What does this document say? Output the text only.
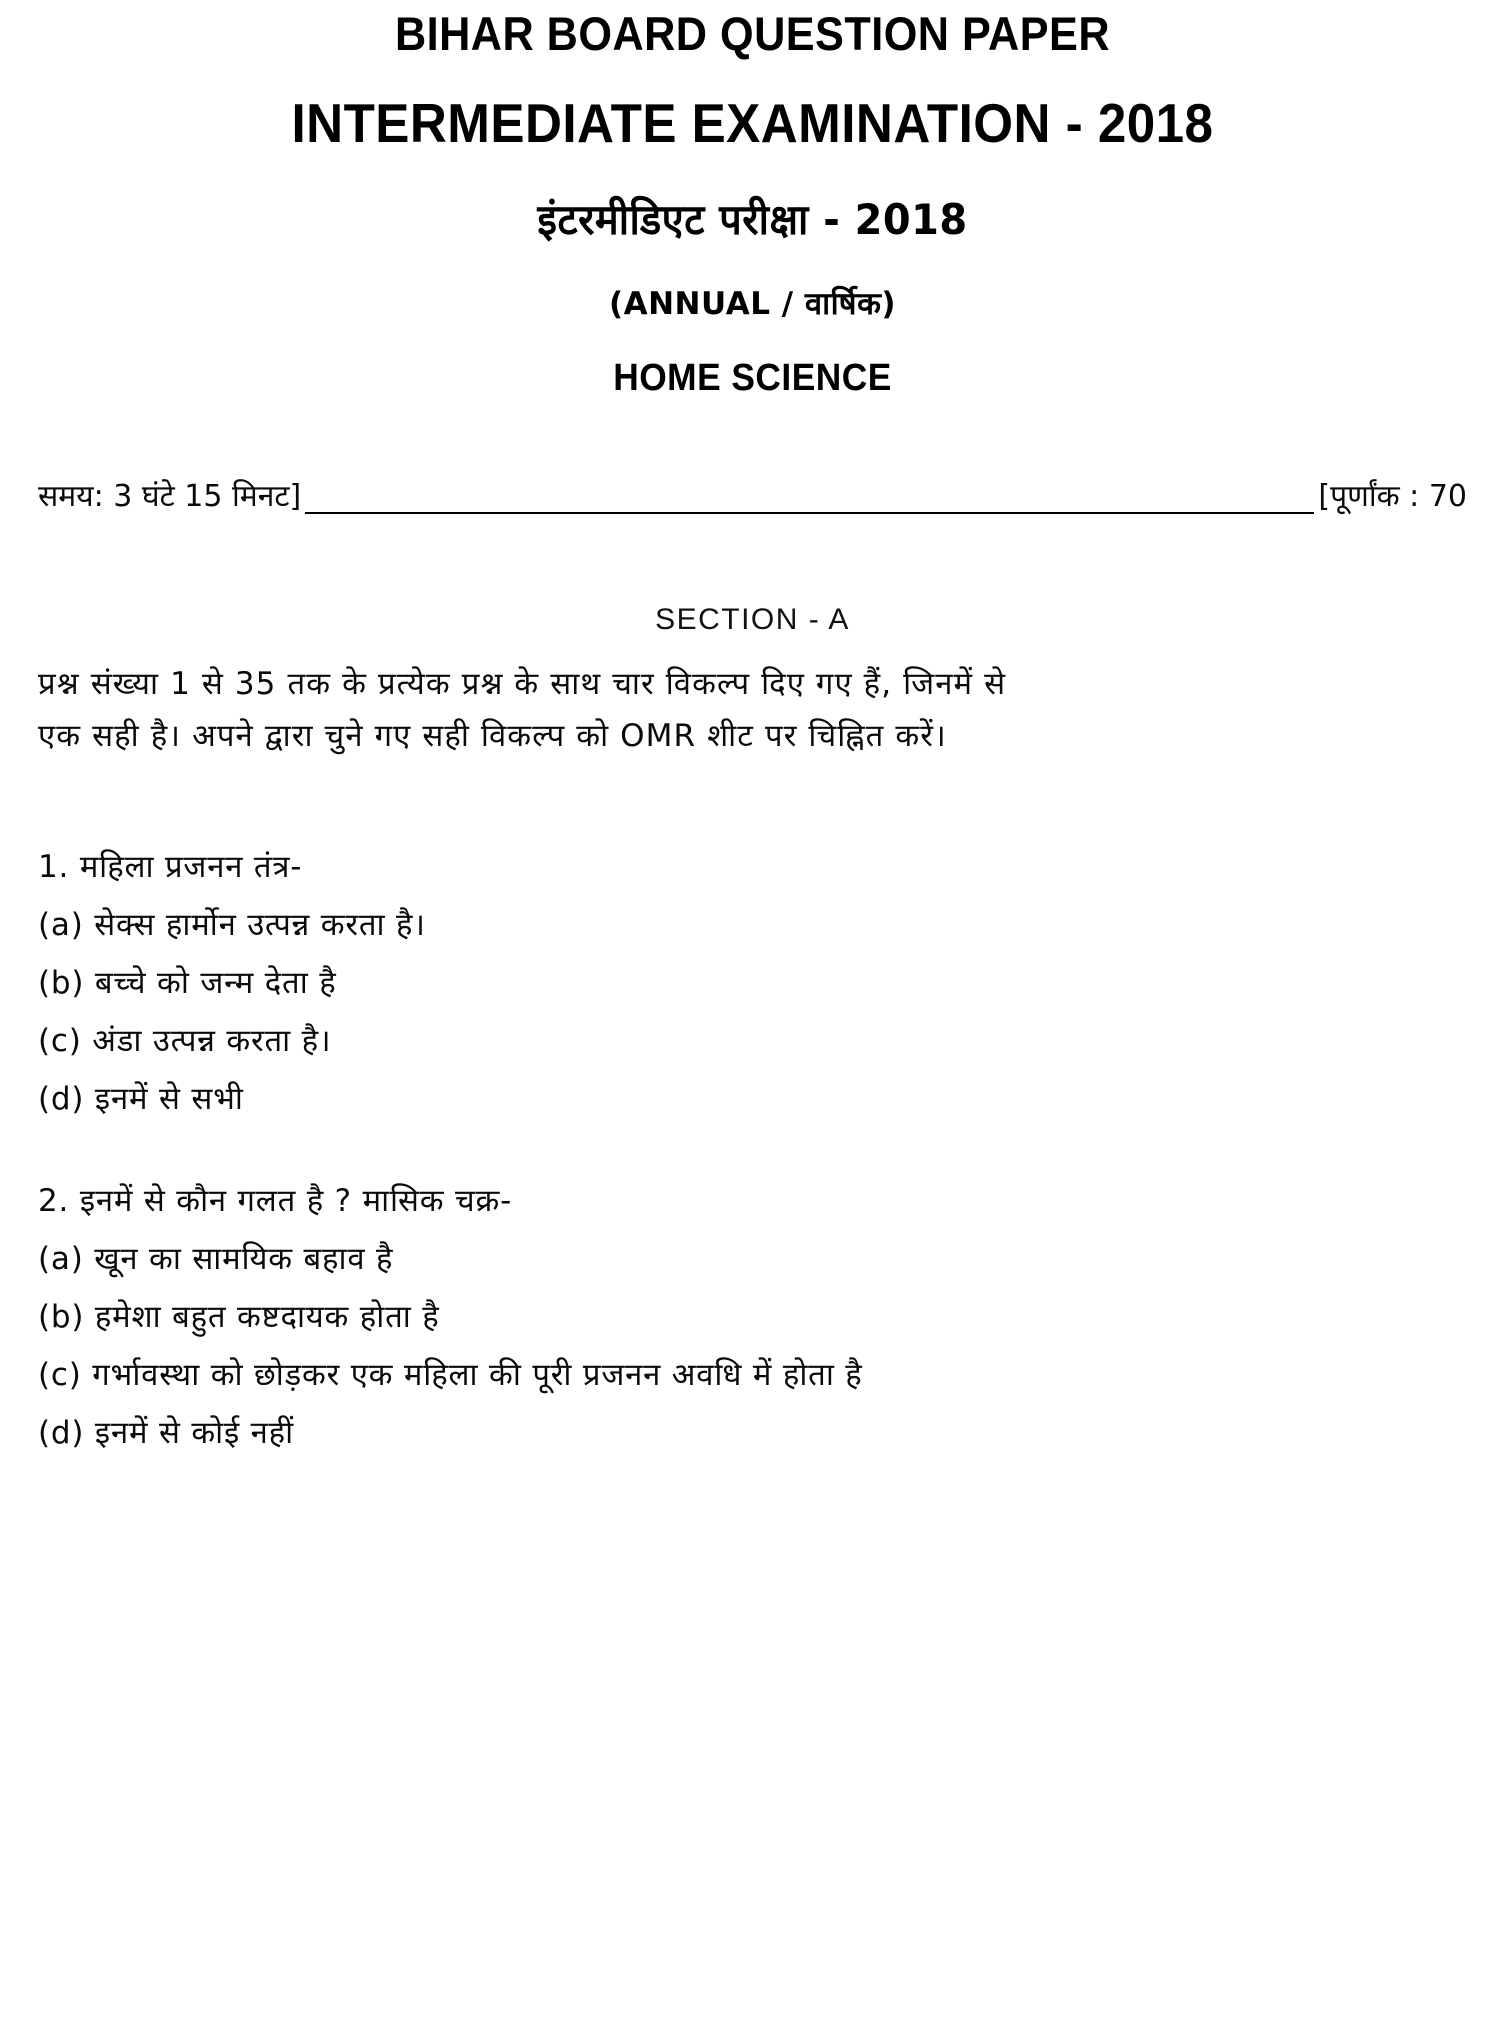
BIHAR BOARD QUESTION PAPER
INTERMEDIATE EXAMINATION - 2018
इंटरमीडिएट परीक्षा - 2018
(ANNUAL / वार्षिक)
HOME SCIENCE
समय: 3 घंटे 15 मिनट]	[पूर्णांक : 70
SECTION - A
प्रश्न संख्या 1 से 35 तक के प्रत्येक प्रश्न के साथ चार विकल्प दिए गए हैं, जिनमें से
एक सही है। अपने द्वारा चुने गए सही विकल्प को OMR शीट पर चिह्नित करें।
1. महिला प्रजनन तंत्र-
(a) सेक्स हार्मोन उत्पन्न करता है।
(b) बच्चे को जन्म देता है
(c) अंडा उत्पन्न करता है।
(d) इनमें से सभी
2. इनमें से कौन गलत है ? मासिक चक्र-
(a) खून का सामयिक बहाव है
(b) हमेशा बहुत कष्टदायक होता है
(c) गर्भावस्था को छोड़कर एक महिला की पूरी प्रजनन अवधि में होता है
(d) इनमें से कोई नहीं
